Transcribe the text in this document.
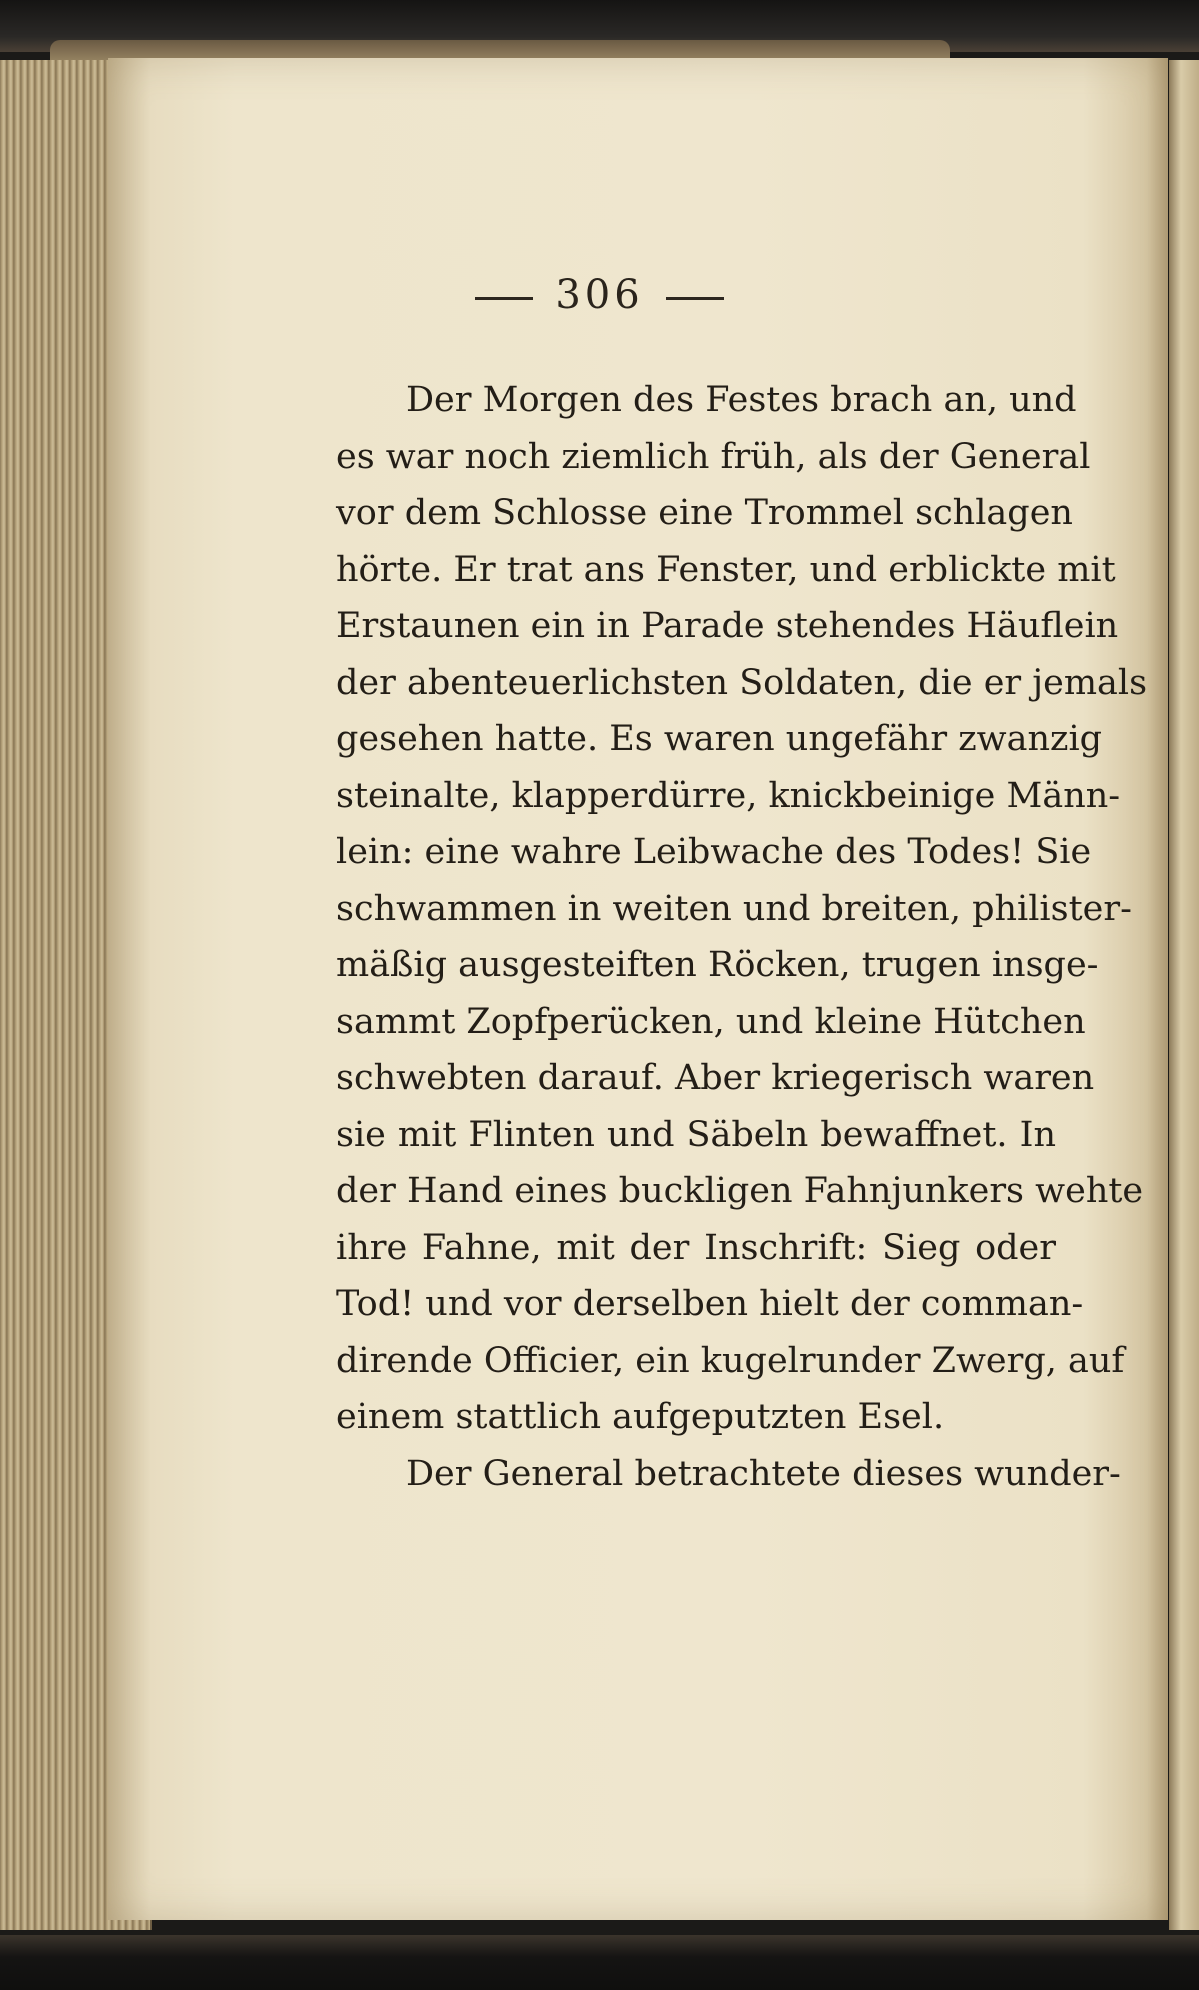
306
Der Morgen des Festes brach an, und
es war noch ziemlich früh, als der General
vor dem Schlosse eine Trommel schlagen
hörte. Er trat ans Fenster, und erblickte mit
Erstaunen ein in Parade stehendes Häuflein
der abenteuerlichsten Soldaten, die er jemals
gesehen hatte. Es waren ungefähr zwanzig
steinalte, klapperdürre, knickbeinige Männ-
lein: eine wahre Leibwache des Todes! Sie
schwammen in weiten und breiten, philister-
mäßig ausgesteiften Röcken, trugen insge-
sammt Zopfperücken, und kleine Hütchen
schwebten darauf. Aber kriegerisch waren
sie mit Flinten und Säbeln bewaffnet. In
der Hand eines buckligen Fahnjunkers wehte
ihre Fahne, mit der Inschrift: Sieg oder
Tod! und vor derselben hielt der comman-
dirende Officier, ein kugelrunder Zwerg, auf
einem stattlich aufgeputzten Esel.
Der General betrachtete dieses wunder-
